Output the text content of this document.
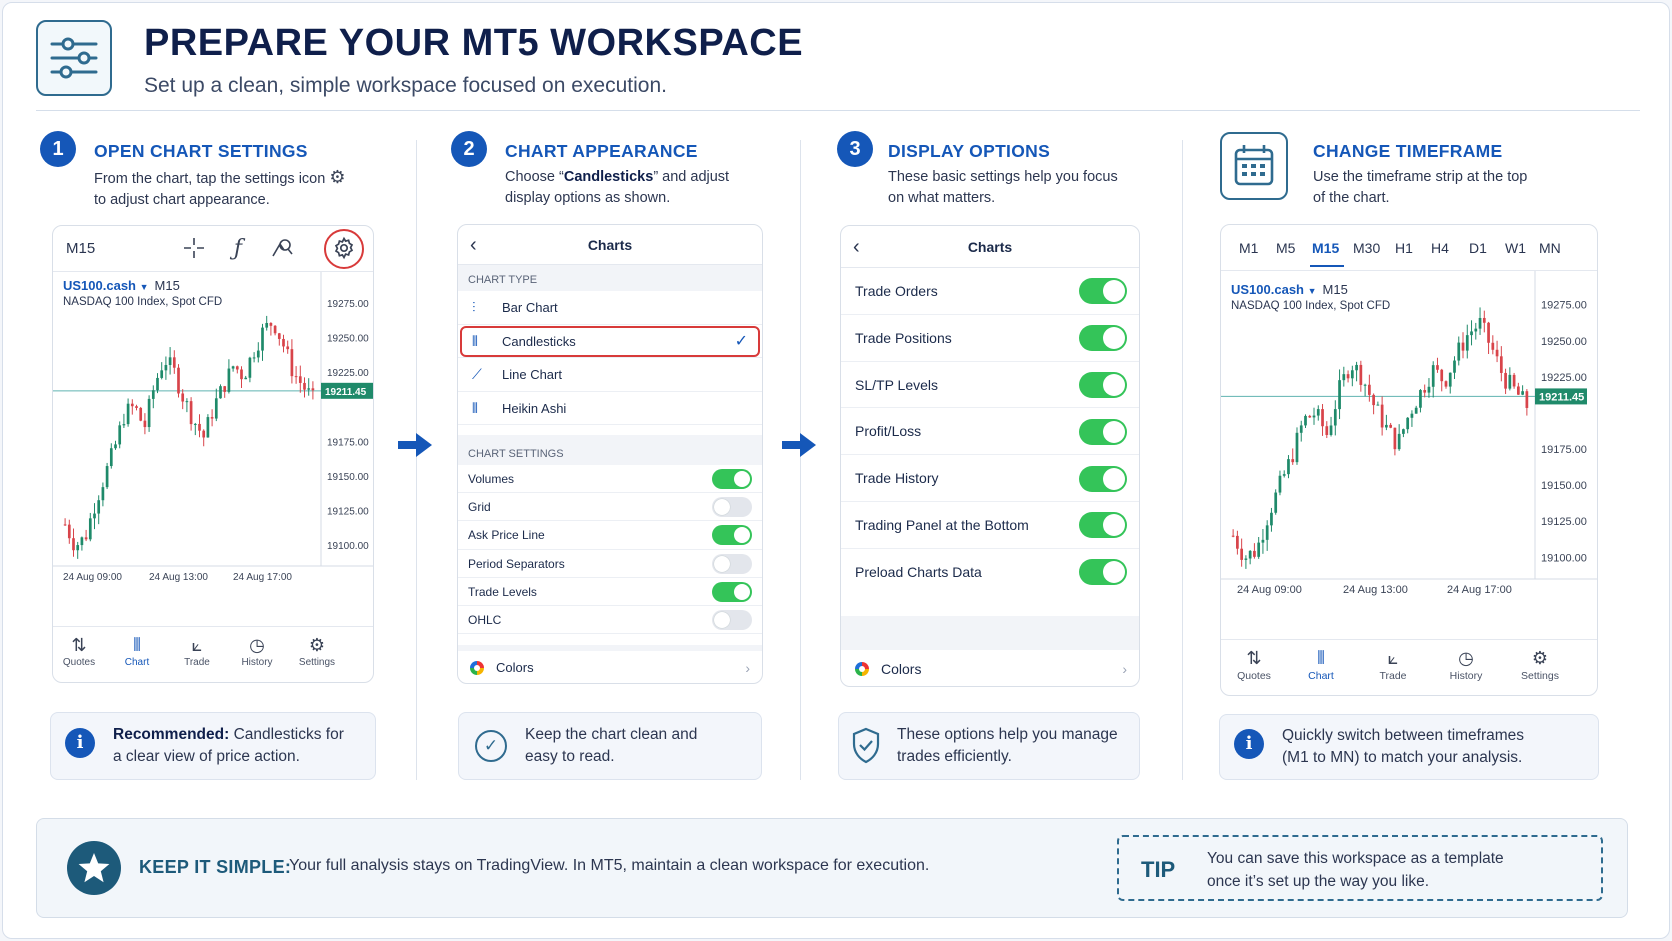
PREPARE YOUR MT5 WORKSPACE
Set up a clean, simple workspace focused on execution.
1	OPEN CHART SETTINGS
From the chart, tap the settings icon ⚙
to adjust chart appearance.
M15	ƒ
US100.cash ▼ M15
NASDAQ 100 Index, Spot CFD	19275.00
19250.00
19225.00
19175.00
19150.00
19125.00
19100.00
19211.45
24 Aug 09:00	24 Aug 13:00	24 Aug 17:00
⇅
Quotes
⫴
Chart
⟀
Trade
◷
History
⚙
Settings
i	Recommended: Candlesticks for
a clear view of price action.
2	CHART APPEARANCE
Choose “Candlesticks” and adjust
display options as shown.
‹	Charts
CHART TYPE
CHART SETTINGS
Colors	›
⫶ Bar Chart
⫴ Candlesticks	✓
⟋ Line Chart
⫴ Heikin Ashi
Volumes
Grid
Ask Price Line
Period Separators
Trade Levels
OHLC
✓
Keep the chart clean and
easy to read.
3	DISPLAY OPTIONS
These basic settings help you focus
on what matters.
‹	Charts
Colors	›
Trade Orders
Trade Positions
SL/TP Levels
Profit/Loss
Trade History
Trading Panel at the Bottom
Preload Charts Data
These options help you manage
trades efficiently.
CHANGE TIMEFRAME
Use the timeframe strip at the top
of the chart.
M1 M5 M15 M30 H1 H4 D1 W1 MN
US100.cash ▼ M15
NASDAQ 100 Index, Spot CFD	19275.00
19250.00
19225.00
19175.00
19150.00
19125.00
19100.00
19211.45
24 Aug 09:00	24 Aug 13:00	24 Aug 17:00
⇅
Quotes
⫴
Chart
⟀
Trade
◷
History
⚙
Settings
i	Quickly switch between timeframes
(M1 to MN) to match your analysis.
KEEP IT SIMPLE:
Your full analysis stays on TradingView. In MT5, maintain a clean workspace for execution.	TIP You can save this workspace as a template
once it’s set up the way you like.
